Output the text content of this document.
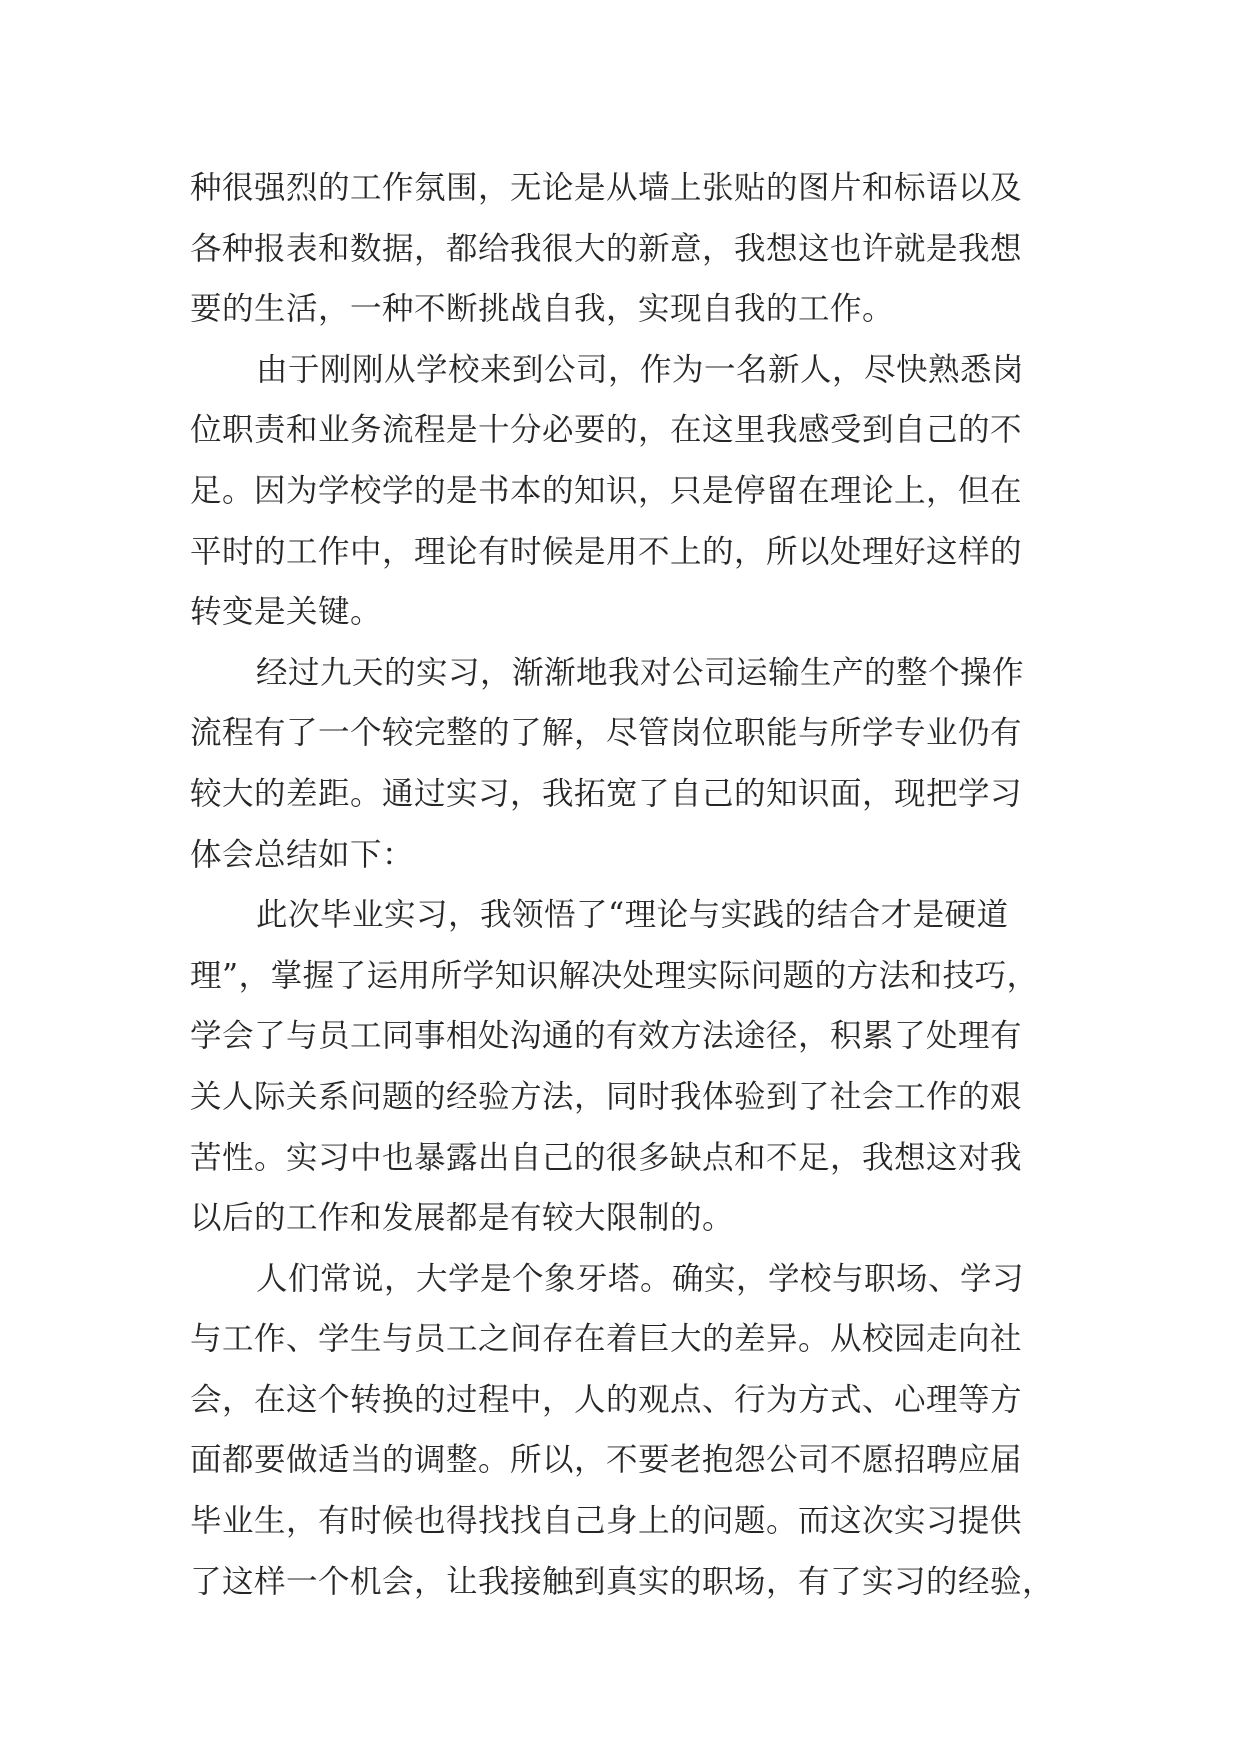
种很强烈的工作氛围，无论是从墙上张贴的图片和标语以及
各种报表和数据，都给我很大的新意，我想这也许就是我想
要的生活，一种不断挑战自我，实现自我的工作。
由于刚刚从学校来到公司，作为一名新人，尽快熟悉岗
位职责和业务流程是十分必要的，在这里我感受到自己的不
足。因为学校学的是书本的知识，只是停留在理论上，但在
平时的工作中，理论有时候是用不上的，所以处理好这样的
转变是关键。
经过九天的实习，渐渐地我对公司运输生产的整个操作
流程有了一个较完整的了解，尽管岗位职能与所学专业仍有
较大的差距。通过实习，我拓宽了自己的知识面，现把学习
体会总结如下：
此次毕业实习，我领悟了“理论与实践的结合才是硬道
理”，掌握了运用所学知识解决处理实际问题的方法和技巧，
学会了与员工同事相处沟通的有效方法途径，积累了处理有
关人际关系问题的经验方法，同时我体验到了社会工作的艰
苦性。实习中也暴露出自己的很多缺点和不足，我想这对我
以后的工作和发展都是有较大限制的。
人们常说，大学是个象牙塔。确实，学校与职场、学习
与工作、学生与员工之间存在着巨大的差异。从校园走向社
会，在这个转换的过程中，人的观点、行为方式、心理等方
面都要做适当的调整。所以，不要老抱怨公司不愿招聘应届
毕业生，有时候也得找找自己身上的问题。而这次实习提供
了这样一个机会，让我接触到真实的职场，有了实习的经验，
